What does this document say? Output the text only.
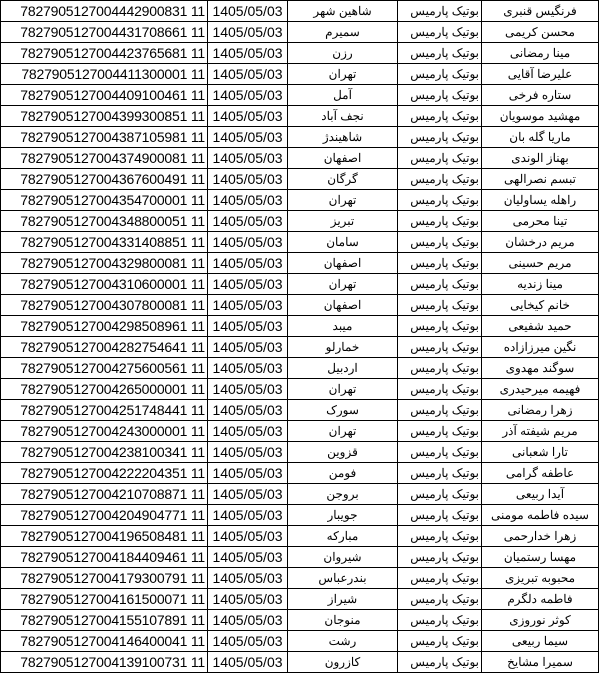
7827905127004442900831 11	1405/05/03	شاهین شهر	بوتیک پارمیس	فرنگیس قنبری
7827905127004431708661 11	1405/05/03	سمیرم	بوتیک پارمیس	محسن کریمی
7827905127004423765681 11	1405/05/03	رزن	بوتیک پارمیس	مینا رمضانی
7827905127004411300001 11	1405/05/03	تهران	بوتیک پارمیس	علیرضا آقایی
7827905127004409100461 11	1405/05/03	آمل	بوتیک پارمیس	ستاره فرخی
7827905127004399300851 11	1405/05/03	نجف آباد	بوتیک پارمیس	مهشید موسویان
7827905127004387105981 11	1405/05/03	شاهیندژ	بوتیک پارمیس	ماریا گله بان
7827905127004374900081 11	1405/05/03	اصفهان	بوتیک پارمیس	بهناز الوندی
7827905127004367600491 11	1405/05/03	گرگان	بوتیک پارمیس	تبسم نصرالهی
7827905127004354700001 11	1405/05/03	تهران	بوتیک پارمیس	راهله یساولیان
7827905127004348800051 11	1405/05/03	تبریز	بوتیک پارمیس	تینا محرمی
7827905127004331408851 11	1405/05/03	سامان	بوتیک پارمیس	مریم درخشان
7827905127004329800081 11	1405/05/03	اصفهان	بوتیک پارمیس	مریم حسینی
7827905127004310600001 11	1405/05/03	تهران	بوتیک پارمیس	مینا زندیه
7827905127004307800081 11	1405/05/03	اصفهان	بوتیک پارمیس	خانم کیخایی
7827905127004298508961 11	1405/05/03	میبد	بوتیک پارمیس	حمید شفیعی
7827905127004282754641 11	1405/05/03	خمارلو	بوتیک پارمیس	نگین میرزازاده
7827905127004275600561 11	1405/05/03	اردبیل	بوتیک پارمیس	سوگند مهدوی
7827905127004265000001 11	1405/05/03	تهران	بوتیک پارمیس	فهیمه میرحیدری
7827905127004251748441 11	1405/05/03	سورک	بوتیک پارمیس	زهرا رمضانی
7827905127004243000001 11	1405/05/03	تهران	بوتیک پارمیس	مریم شیفته آذر
7827905127004238100341 11	1405/05/03	قزوین	بوتیک پارمیس	تارا شعبانی
7827905127004222204351 11	1405/05/03	فومن	بوتیک پارمیس	عاطفه گرامی
7827905127004210708871 11	1405/05/03	بروجن	بوتیک پارمیس	آیدا ربیعی
7827905127004204904771 11	1405/05/03	جویبار	بوتیک پارمیس	سیده فاطمه مومنی
7827905127004196508481 11	1405/05/03	مبارکه	بوتیک پارمیس	زهرا خدارحمی
7827905127004184409461 11	1405/05/03	شیروان	بوتیک پارمیس	مهسا رستمیان
7827905127004179300791 11	1405/05/03	بندرعباس	بوتیک پارمیس	محبوبه تبریزی
7827905127004161500071 11	1405/05/03	شیراز	بوتیک پارمیس	فاطمه دلگرم
7827905127004155107891 11	1405/05/03	منوجان	بوتیک پارمیس	کوثر نوروزی
7827905127004146400041 11	1405/05/03	رشت	بوتیک پارمیس	سیما ربیعی
7827905127004139100731 11	1405/05/03	کازرون	بوتیک پارمیس	سمیرا مشایخ
